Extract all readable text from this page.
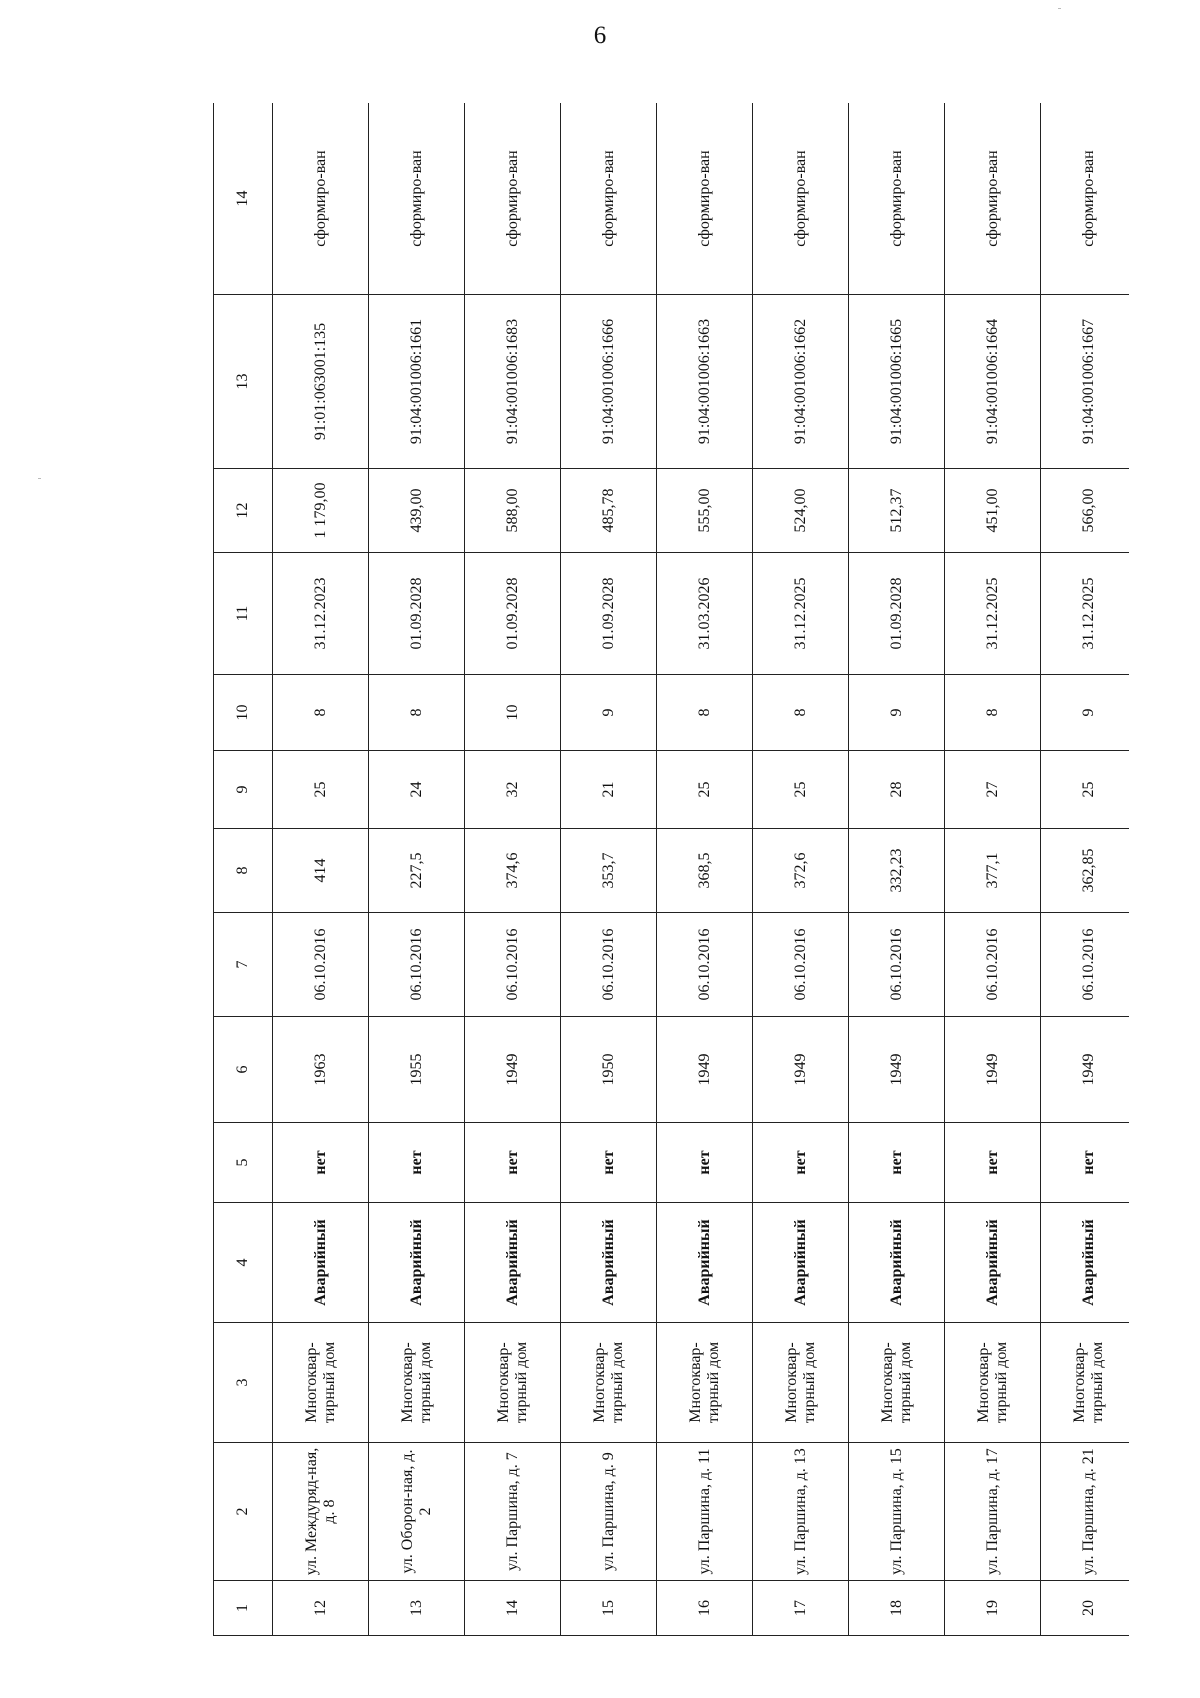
6
1	2	3	4	5	6	7	8	9	10	11	12	13	14
12	ул. Междуряд-ная, д. 8	Многоквар-тирный дом	Аварийный	нет	1963	06.10.2016	414	25	8	31.12.2023	1 179,00	91:01:063001:135	сформиро-ван
13	ул. Оборон-ная, д. 2	Многоквар-тирный дом	Аварийный	нет	1955	06.10.2016	227,5	24	8	01.09.2028	439,00	91:04:001006:1661	сформиро-ван
14	ул. Паршина, д. 7	Многоквар-тирный дом	Аварийный	нет	1949	06.10.2016	374,6	32	10	01.09.2028	588,00	91:04:001006:1683	сформиро-ван
15	ул. Паршина, д. 9	Многоквар-тирный дом	Аварийный	нет	1950	06.10.2016	353,7	21	9	01.09.2028	485,78	91:04:001006:1666	сформиро-ван
16	ул. Паршина, д. 11	Многоквар-тирный дом	Аварийный	нет	1949	06.10.2016	368,5	25	8	31.03.2026	555,00	91:04:001006:1663	сформиро-ван
17	ул. Паршина, д. 13	Многоквар-тирный дом	Аварийный	нет	1949	06.10.2016	372,6	25	8	31.12.2025	524,00	91:04:001006:1662	сформиро-ван
18	ул. Паршина, д. 15	Многоквар-тирный дом	Аварийный	нет	1949	06.10.2016	332,23	28	9	01.09.2028	512,37	91:04:001006:1665	сформиро-ван
19	ул. Паршина, д. 17	Многоквар-тирный дом	Аварийный	нет	1949	06.10.2016	377,1	27	8	31.12.2025	451,00	91:04:001006:1664	сформиро-ван
20	ул. Паршина, д. 21	Многоквар-тирный дом	Аварийный	нет	1949	06.10.2016	362,85	25	9	31.12.2025	566,00	91:04:001006:1667	сформиро-ван
